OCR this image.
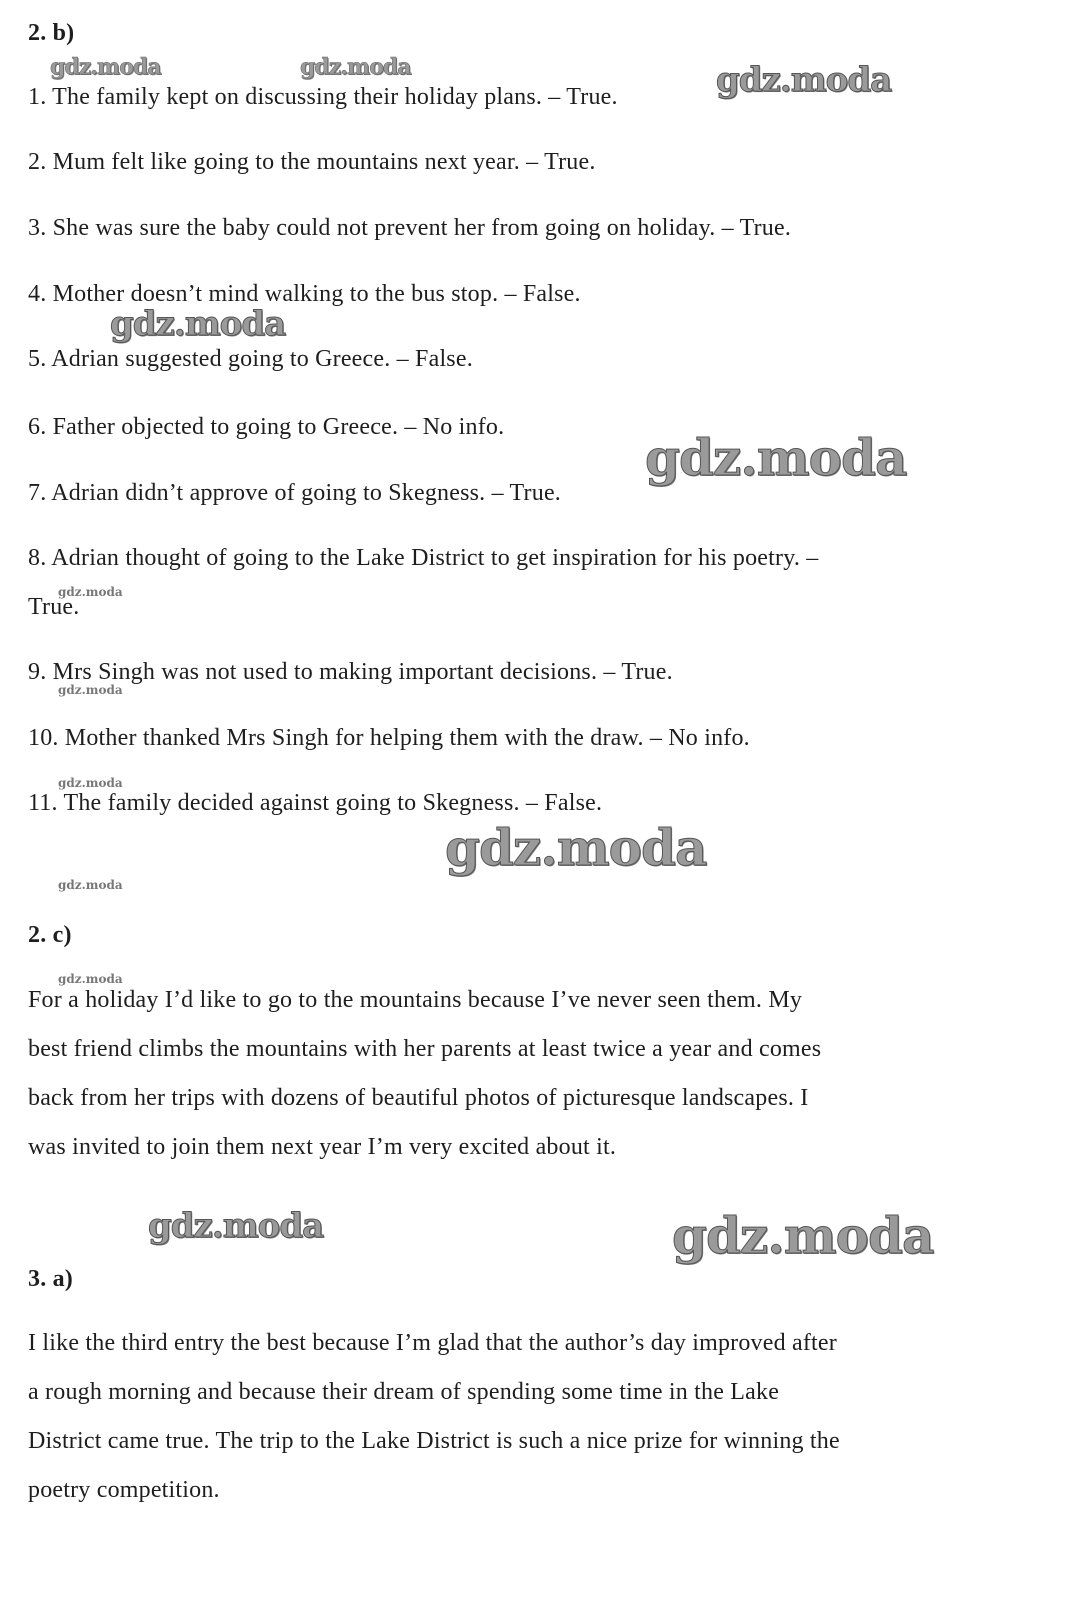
2. b)
1. The family kept on discussing their holiday plans. – True.
2. Mum felt like going to the mountains next year. – True.
3. She was sure the baby could not prevent her from going on holiday. – True.
4. Mother doesn’t mind walking to the bus stop. – False.
5. Adrian suggested going to Greece. – False.
6. Father objected to going to Greece. – No info.
7. Adrian didn’t approve of going to Skegness. – True.
8. Adrian thought of going to the Lake District to get inspiration for his poetry. –
True.
9. Mrs Singh was not used to making important decisions. – True.
10. Mother thanked Mrs Singh for helping them with the draw. – No info.
11. The family decided against going to Skegness. – False.
2. c)
For a holiday I’d like to go to the mountains because I’ve never seen them. My
best friend climbs the mountains with her parents at least twice a year and comes
back from her trips with dozens of beautiful photos of picturesque landscapes. I
was invited to join them next year I’m very excited about it.
3. a)
I like the third entry the best because I’m glad that the author’s day improved after
a rough morning and because their dream of spending some time in the Lake
District came true. The trip to the Lake District is such a nice prize for winning the
poetry competition.
gdz.moda	gdz.moda	gdz.moda
gdz.moda
gdz.moda
gdz.moda
gdz.moda
gdz.moda
gdz.moda
gdz.moda
gdz.moda
gdz.moda	gdz.moda
